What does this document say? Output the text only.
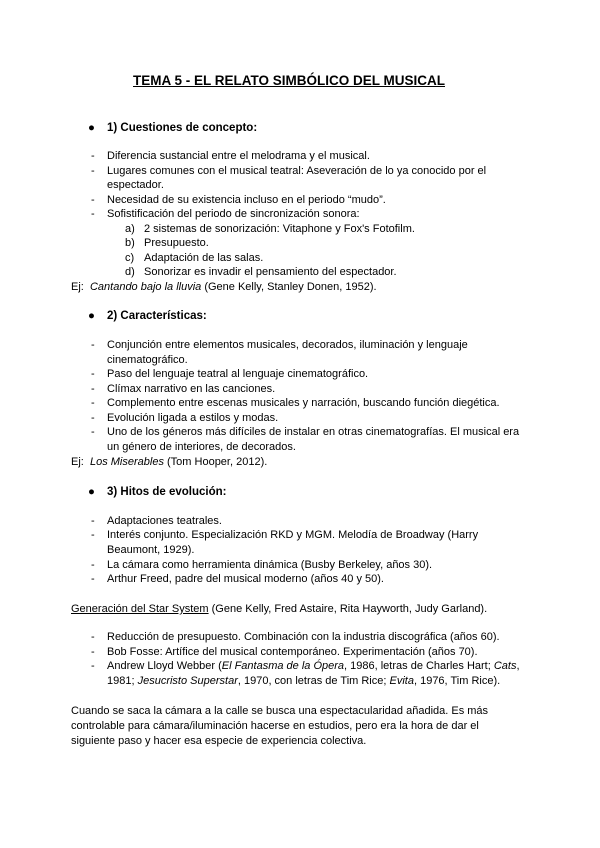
TEMA 5 - EL RELATO SIMBÓLICO DEL MUSICAL
● 1) Cuestiones de concepto:
- Diferencia sustancial entre el melodrama y el musical.
- Lugares comunes con el musical teatral: Aseveración de lo ya conocido por el
espectador.
- Necesidad de su existencia incluso en el periodo “mudo”.
- Sofistificación del periodo de sincronización sonora:
a) 2 sistemas de sonorización: Vitaphone y Fox's Fotofilm.
b) Presupuesto.
c) Adaptación de las salas.
d) Sonorizar es invadir el pensamiento del espectador.
Ej: Cantando bajo la lluvia (Gene Kelly, Stanley Donen, 1952).
● 2) Características:
- Conjunción entre elementos musicales, decorados, iluminación y lenguaje
cinematográfico.
- Paso del lenguaje teatral al lenguaje cinematográfico.
- Clímax narrativo en las canciones.
- Complemento entre escenas musicales y narración, buscando función diegética.
- Evolución ligada a estilos y modas.
- Uno de los géneros más difíciles de instalar en otras cinematografías. El musical era
un género de interiores, de decorados.
Ej: Los Miserables (Tom Hooper, 2012).
● 3) Hitos de evolución:
- Adaptaciones teatrales.
- Interés conjunto. Especialización RKD y MGM. Melodía de Broadway (Harry
Beaumont, 1929).
- La cámara como herramienta dinámica (Busby Berkeley, años 30).
- Arthur Freed, padre del musical moderno (años 40 y 50).
Generación del Star System (Gene Kelly, Fred Astaire, Rita Hayworth, Judy Garland).
- Reducción de presupuesto. Combinación con la industria discográfica (años 60).
- Bob Fosse: Artífice del musical contemporáneo. Experimentación (años 70).
- Andrew Lloyd Webber (El Fantasma de la Ópera, 1986, letras de Charles Hart; Cats,
1981; Jesucristo Superstar, 1970, con letras de Tim Rice; Evita, 1976, Tim Rice).
Cuando se saca la cámara a la calle se busca una espectacularidad añadida. Es más
controlable para cámara/iluminación hacerse en estudios, pero era la hora de dar el
siguiente paso y hacer esa especie de experiencia colectiva.
